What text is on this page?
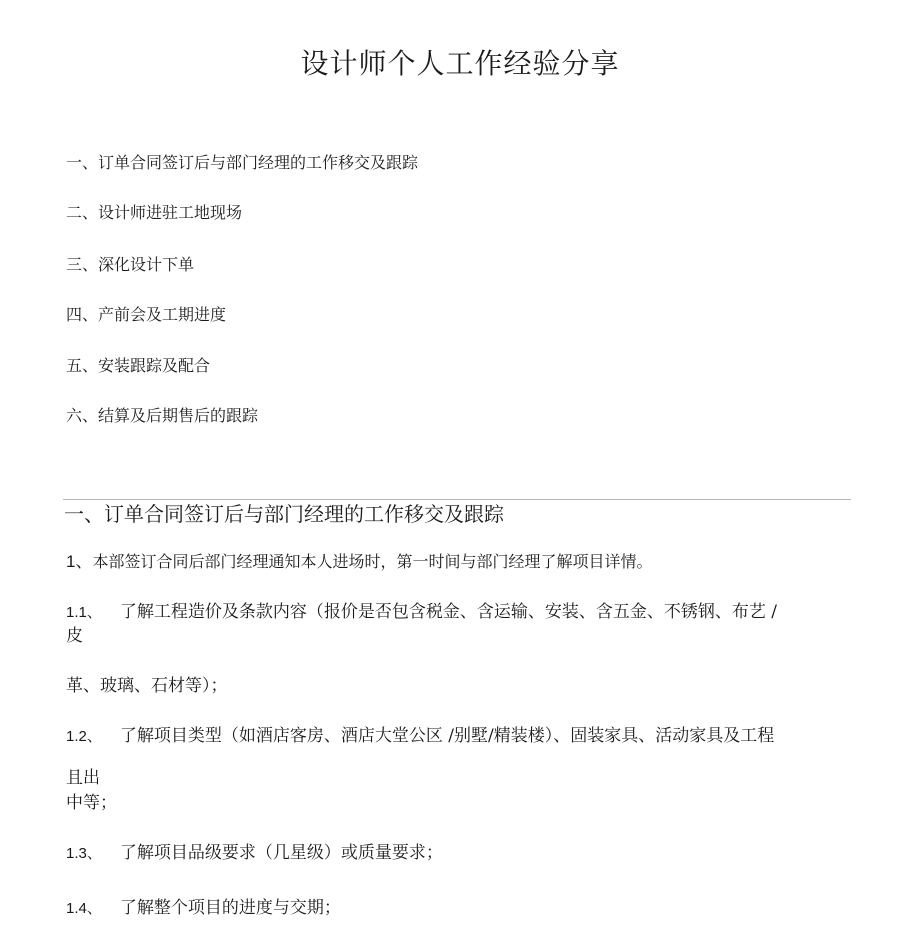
设计师个人工作经验分享
一、订单合同签订后与部门经理的工作移交及跟踪
二、设计师进驻工地现场
三、深化设计下单
四、产前会及工期进度
五、安装跟踪及配合
六、结算及后期售后的跟踪
一、订单合同签订后与部门经理的工作移交及跟踪
1、本部签订合同后部门经理通知本人进场时，第一时间与部门经理了解项目详情。
1.1、 了解工程造价及条款内容（报价是否包含税金、含运输、安装、含五金、不锈钢、布艺 /
皮
革、玻璃、石材等）；
1.2、 了解项目类型（如酒店客房、酒店大堂公区 /别墅/精装楼）、固装家具、活动家具及工程
且出
中等；
1.3、 了解项目品级要求（几星级）或质量要求；
1.4、 了解整个项目的进度与交期；
